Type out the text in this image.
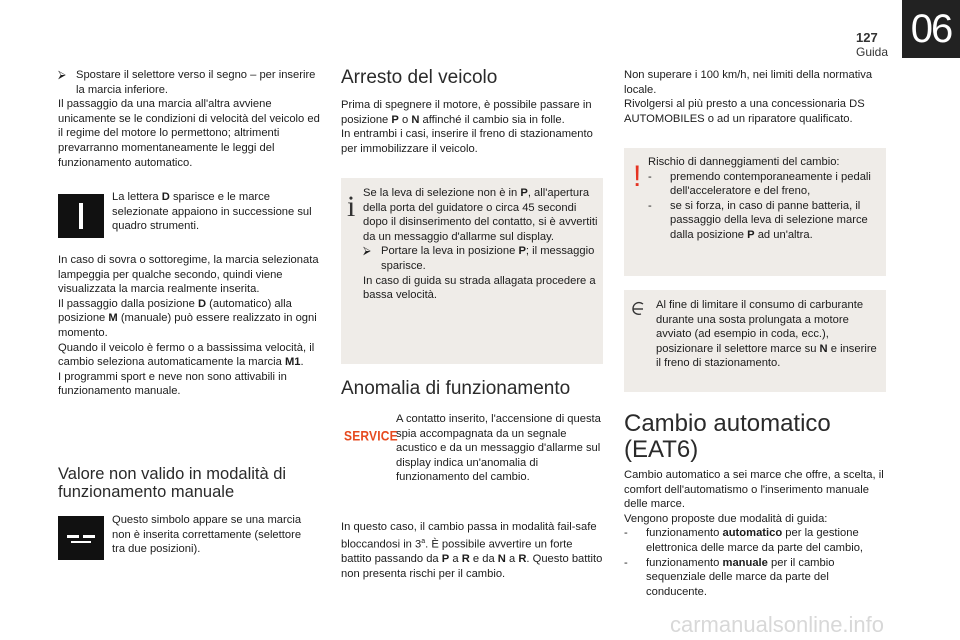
127
Guida
06

⮚ Spostare il selettore verso il segno – per inserire la marcia inferiore.

Il passaggio da una marcia all'altra avviene unicamente se le condizioni di velocità del veicolo ed il regime del motore lo permettono; altrimenti prevarranno momentaneamente le leggi del funzionamento automatico.

La lettera D sparisce e le marce selezionate appaiono in successione sul quadro strumenti.

In caso di sovra o sottoregime, la marcia selezionata lampeggia per qualche secondo, quindi viene visualizzata la marcia realmente inserita.

Il passaggio dalla posizione D (automatico) alla posizione M (manuale) può essere realizzato in ogni momento.

Quando il veicolo è fermo o a bassissima velocità, il cambio seleziona automaticamente la marcia M1.

I programmi sport e neve non sono attivabili in funzionamento manuale.

Valore non valido in modalità di funzionamento manuale

Questo simbolo appare se una marcia non è inserita correttamente (selettore tra due posizioni).

Arresto del veicolo

Prima di spegnere il motore, è possibile passare in posizione P o N affinché il cambio sia in folle.

In entrambi i casi, inserire il freno di stazionamento per immobilizzare il veicolo.

i Se la leva di selezione non è in P, all'apertura della porta del guidatore o circa 45 secondi dopo il disinserimento del contatto, si è avvertiti da un messaggio d'allarme sul display.

⮚ Portare la leva in posizione P; il messaggio sparisce.

In caso di guida su strada allagata procedere a bassa velocità.

Anomalia di funzionamento
SERVICE

A contatto inserito, l'accensione di questa spia accompagnata da un segnale acustico e da un messaggio d'allarme sul display indica un'anomalia di funzionamento del cambio.

In questo caso, il cambio passa in modalità fail-safe bloccandosi in 3$^a$. È possibile avvertire un forte battito passando da P a R e da N a R. Questo battito non presenta rischi per il cambio.

Non superare i 100 km/h, nei limiti della normativa locale.

Rivolgersi al più presto a una concessionaria DS AUTOMOBILES o ad un riparatore qualificato.

! Rischio di danneggiamenti del cambio:

- premendo contemporaneamente i pedali dell'acceleratore e del freno,

- se si forza, in caso di panne batteria, il passaggio della leva di selezione marce dalla posizione P ad un'altra.

Al fine di limitare il consumo di carburante durante una sosta prolungata a motore avviato (ad esempio in coda, ecc.), posizionare il selettore marce su N e inserire il freno di stazionamento.

Cambio automatico (EAT6)

Cambio automatico a sei marce che offre, a scelta, il comfort dell'automatismo o l'inserimento manuale delle marce.

Vengono proposte due modalità di guida:

- funzionamento automatico per la gestione elettronica delle marce da parte del cambio,

- funzionamento manuale per il cambio sequenziale delle marce da parte del conducente.

carmanualsonline.info
